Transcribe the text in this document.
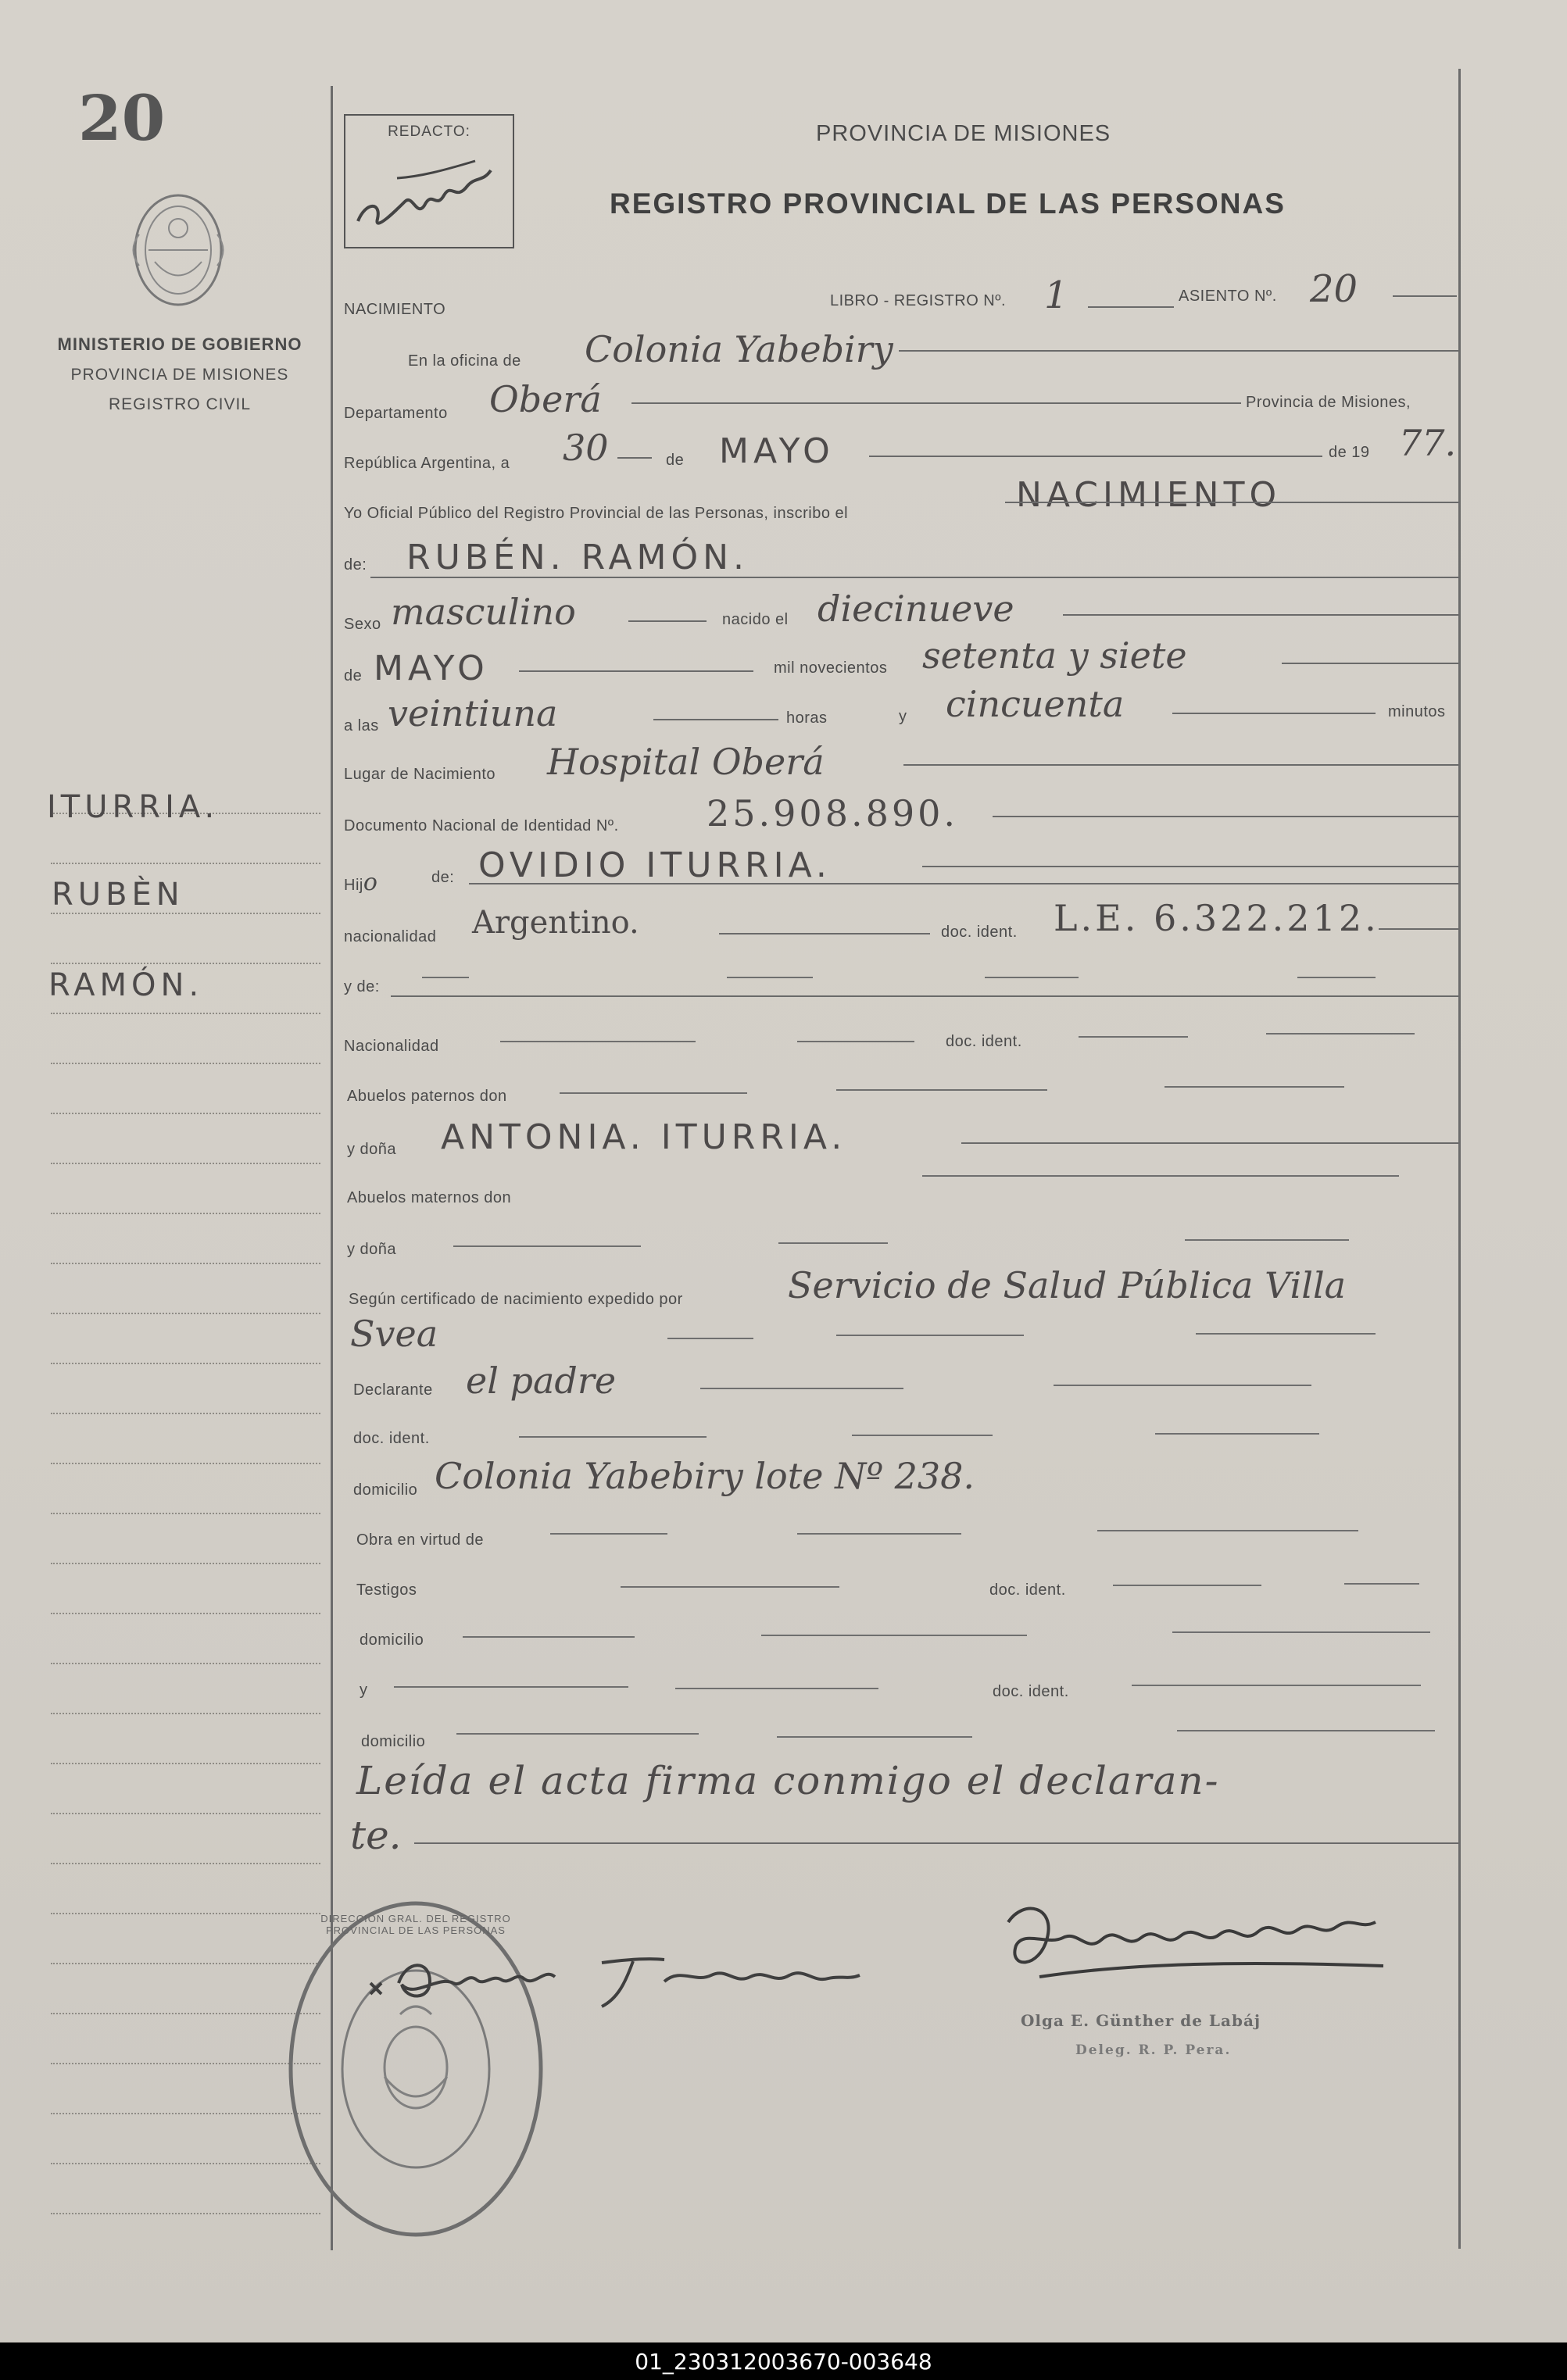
20
MINISTERIO DE GOBIERNO
PROVINCIA DE MISIONES
REGISTRO CIVIL
ITURRIA.
RUBÈN
RAMÓN.
REDACTO:	PROVINCIA DE MISIONES
REGISTRO PROVINCIAL DE LAS PERSONAS
NACIMIENTO	LIBRO - REGISTRO Nº. 1	ASIENTO Nº. 20
En la oficina de Colonia Yabebiry
Departamento Oberá	Provincia de Misiones,
República Argentina, a 30	de MAYO	de 19 77.
Yo Oficial Público del Registro Provincial de las Personas, inscribo el	NACIMIENTO
de: RUBÉN. RAMÓN.
Sexo masculino	nacido el diecinueve
de MAYO	mil novecientos setenta y siete
a las veintiuna	horas	y cincuenta	minutos
Lugar de Nacimiento Hospital Oberá
Documento Nacional de Identidad Nº. 25.908.890.
Hijo	de: OVIDIO ITURRIA.
nacionalidad Argentino.	doc. ident. L.E. 6.322.212.
y de:
Nacionalidad	doc. ident.
Abuelos paternos don
y doña ANTONIA. ITURRIA.
Abuelos maternos don
y doña
Según certificado de nacimiento expedido por	Servicio de Salud Pública Villa
Svea
Declarante el padre
doc. ident.
domicilio Colonia Yabebiry lote Nº 238.
Obra en virtud de
Testigos	doc. ident.
domicilio
y	doc. ident.
domicilio
Leída el acta firma conmigo el declaran-
te.
DIRECCION GRAL. DEL REGISTRO PROVINCIAL DE LAS PERSONAS
Olga E. Günther de Labáj
Deleg. R. P. Pera.
01_230312003670-003648
